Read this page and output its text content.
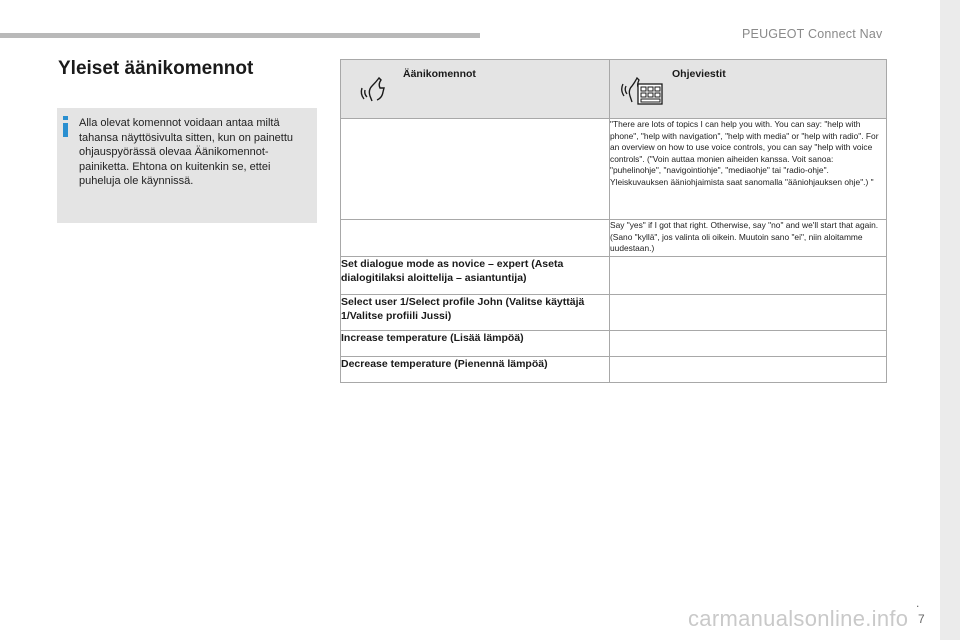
PEUGEOT Connect Nav
Yleiset äänikomennot
Alla olevat komennot voidaan antaa miltä tahansa näyttösivulta sitten, kun on painettu ohjauspyörässä olevaa Äänikomennot-painiketta. Ehtona on kuitenkin se, ettei puheluja ole käynnissä.
Äänikomennot	Ohjeviestit

	"There are lots of topics I can help you with. You can say: "help with phone", "help with navigation", "help with media" or "help with radio". For an overview on how to use voice controls, you can say "help with voice controls". ("Voin auttaa monien aiheiden kanssa. Voit sanoa: "puhelinohje", "navigointiohje", "mediaohje" tai "radio-ohje". Yleiskuvauksen ääniohjaimista saat sanomalla "ääniohjauksen ohje".) "
	Say "yes" if I got that right. Otherwise, say "no" and we'll start that again. (Sano "kyllä", jos valinta oli oikein. Muutoin sano "ei", niin aloitamme uudestaan.)
Set dialogue mode as novice – expert (Aseta dialogitilaksi aloittelija – asiantuntija)	
Select user 1/Select profile John (Valitse käyttäjä 1/Valitse profiili Jussi)	
Increase temperature (Lisää lämpöä)	
Decrease temperature (Pienennä lämpöä)	
carmanualsonline.info
.
7
